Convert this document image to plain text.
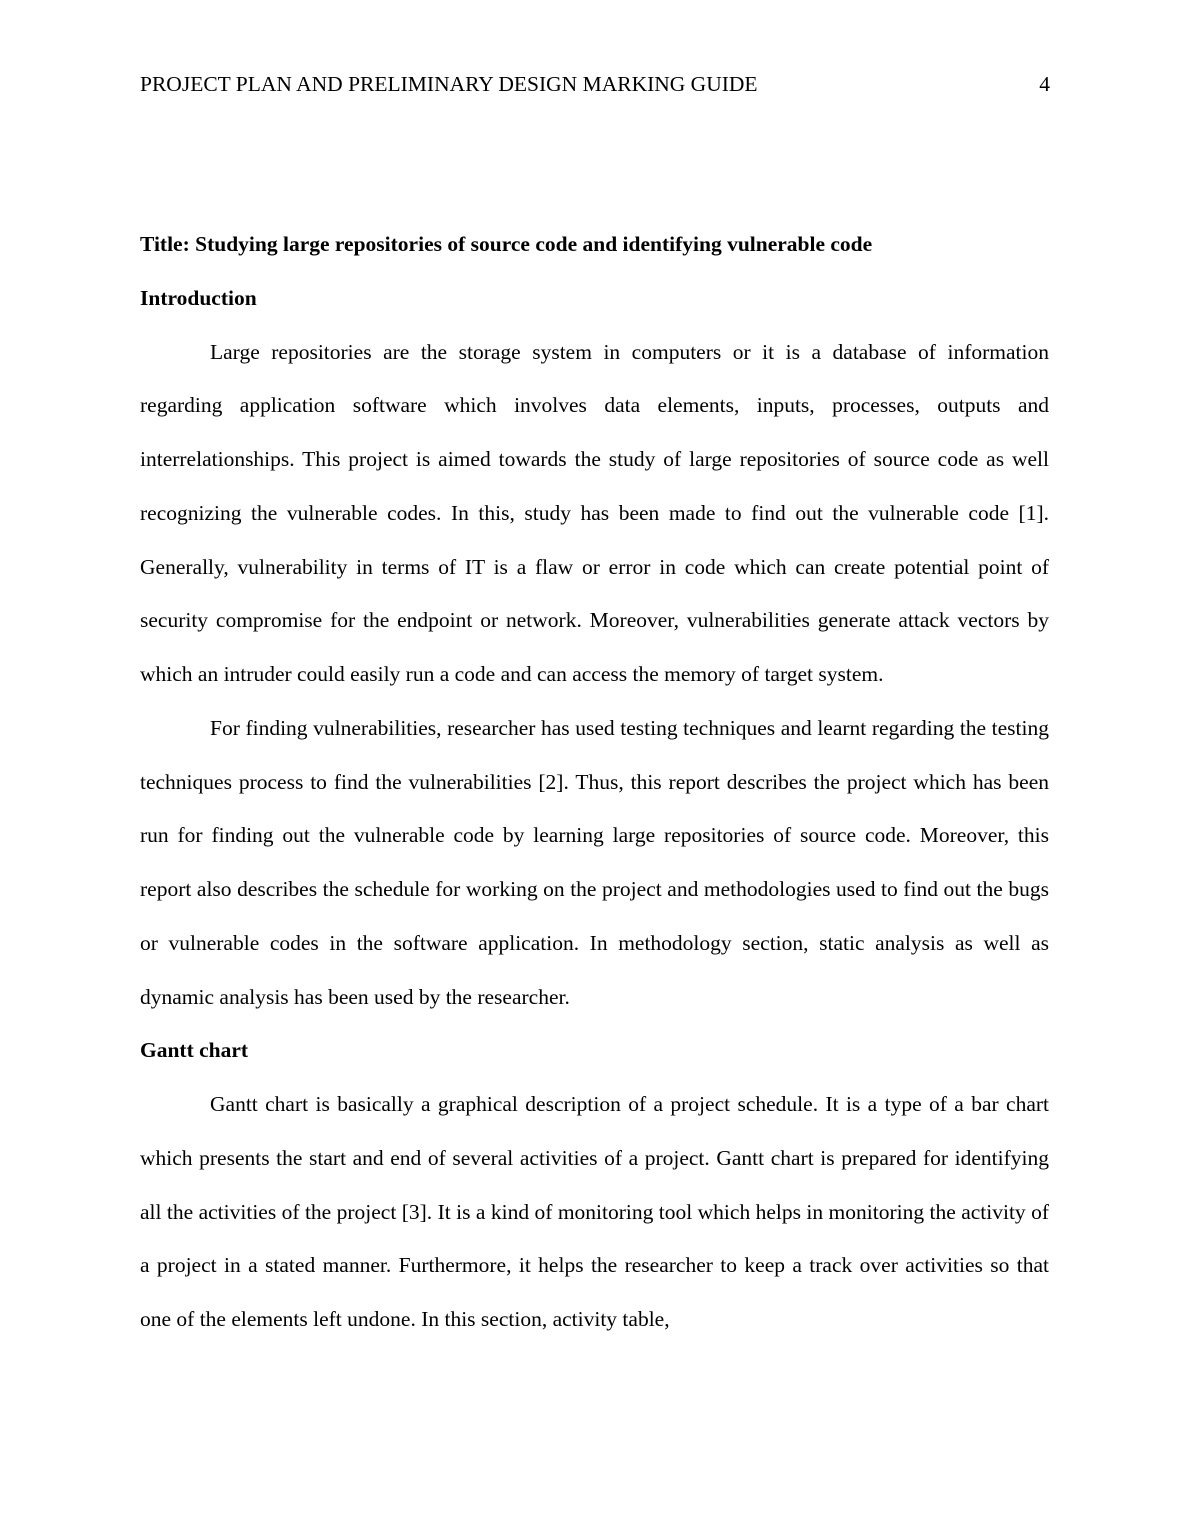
PROJECT PLAN AND PRELIMINARY DESIGN MARKING GUIDE	4
Title: Studying large repositories of source code and identifying vulnerable code
Introduction

Large repositories are the storage system in computers or it is a database of information regarding application software which involves data elements, inputs, processes, outputs and interrelationships. This project is aimed towards the study of large repositories of source code as well recognizing the vulnerable codes. In this, study has been made to find out the vulnerable code [1]. Generally, vulnerability in terms of IT is a flaw or error in code which can create potential point of security compromise for the endpoint or network. Moreover, vulnerabilities generate attack vectors by which an intruder could easily run a code and can access the memory of target system.

For finding vulnerabilities, researcher has used testing techniques and learnt regarding the testing techniques process to find the vulnerabilities [2]. Thus, this report describes the project which has been run for finding out the vulnerable code by learning large repositories of source code. Moreover, this report also describes the schedule for working on the project and methodologies used to find out the bugs or vulnerable codes in the software application. In methodology section, static analysis as well as dynamic analysis has been used by the researcher.

Gantt chart

Gantt chart is basically a graphical description of a project schedule. It is a type of a bar chart which presents the start and end of several activities of a project. Gantt chart is prepared for identifying all the activities of the project [3]. It is a kind of monitoring tool which helps in monitoring the activity of a project in a stated manner. Furthermore, it helps the researcher to keep a track over activities so that one of the elements left undone. In this section, activity table,
